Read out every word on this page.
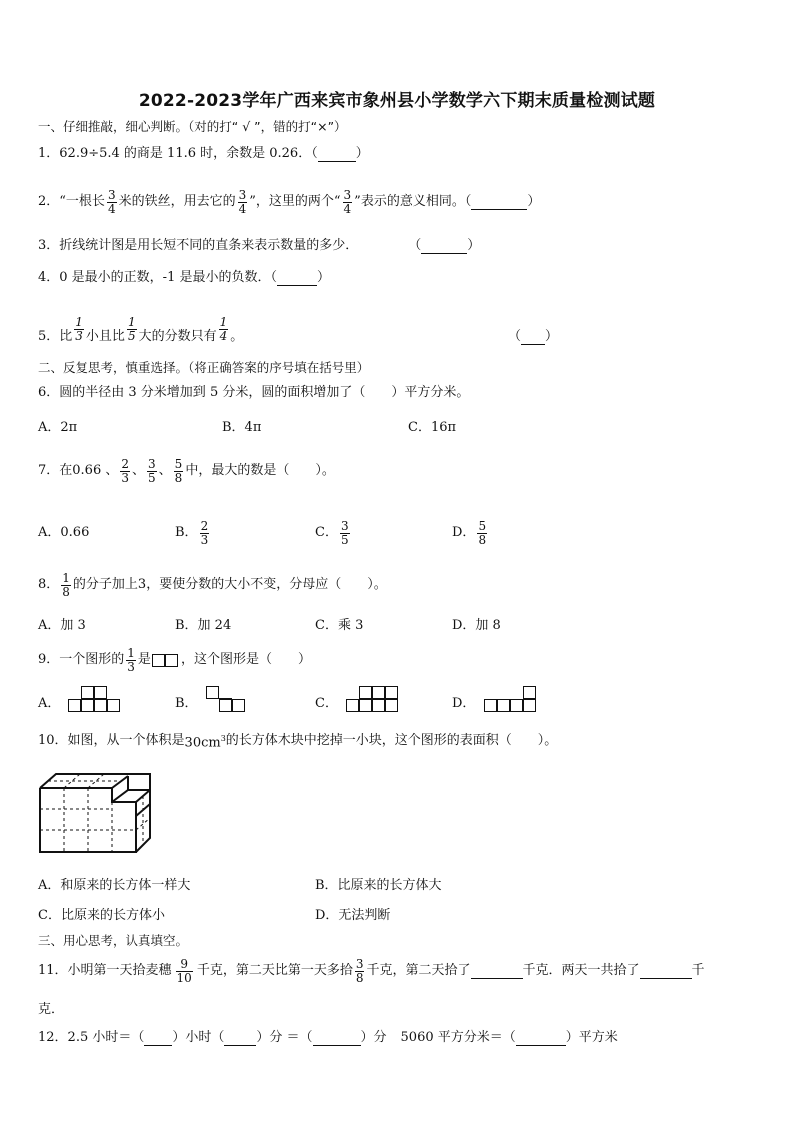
2022-2023学年广西来宾市象州县小学数学六下期末质量检测试题
一、仔细推敲，细心判断。（对的打“ √ ”，错的打“×”）
1．62.9÷5.4 的商是 11.6 时，余数是 0.26．（	）
2． “一根长 $\frac{3}{4}$ 米的铁丝，用去它的 $\frac{3}{4}$ ”，这里的两个“ $\frac{3}{4}$ ”表示的意义相同。（	）
3．折线统计图是用长短不同的直条来表示数量的多少．	（	）
4．0 是最小的正数，-1 是最小的负数．（	）
5．比 $\frac{1}{3}$ 小且比 $\frac{1}{5}$ 大的分数只有 $\frac{1}{4}$ 。	（ ）
二、反复思考，慎重选择。（将正确答案的序号填在括号里）
6．圆的半径由 3 分米增加到 5 分米，圆的面积增加了（　　）平方分米。
A．2π	B．4π	C．16π
7．在0.66 、 $\frac{2}{3}$ 、 $\frac{3}{5}$ 、 $\frac{5}{8}$ 中，最大的数是（　　）。
A．0.66	B． $\frac{2}{3}$	C． $\frac{3}{5}$	D． $\frac{5}{8}$
8． $\frac{1}{8}$ 的分子加上3，要使分数的大小不变，分母应（　　）。
A．加 3	B．加 24	C．乘 3	D．加 8
9．一个图形的 $\frac{1}{3}$ 是 ，这个图形是（　　）
A．	B．	C．	D．
10．如图，从一个体积是 $30cm^3$ 的长方体木块中挖掉一小块，这个图形的表面积（　　）。
A．和原来的长方体一样大	B．比原来的长方体大
C．比原来的长方体小	D．无法判断
三、用心思考，认真填空。
11．小明第一天拾麦穗 $\frac{9}{10}$ 千克，第二天比第一天多拾 $\frac{3}{8}$ 千克，第二天拾了	千克．两天一共拾了	千
克．
12．2.5 小时＝（ ）小时（ ）分 ＝（	）分 5060 平方分米＝（	）平方米
